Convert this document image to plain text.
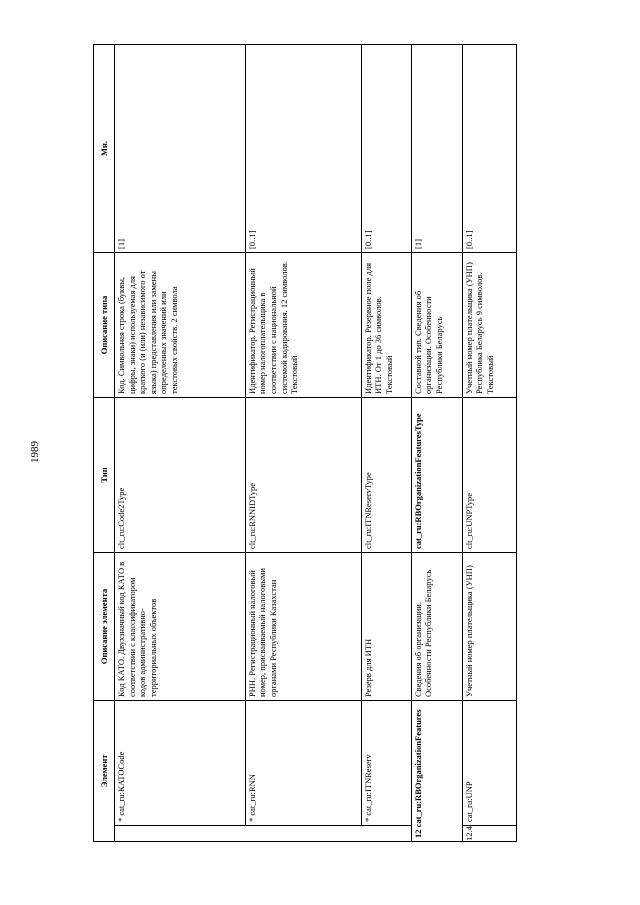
1989
Элемент		Описание элемента	Тип	Описание типа	Мн.
	* cat_ru:KATOCode	Код КАТО. Двухзначный код КАТО в соответствии с классификатором кодов административно-территориальных объектов	clt_ru:Code2Type	Код. Символьная строка (буквы, цифры, знаки) используемая для краткого (и (или) независимого от языка) представления или замены определенных значений или текстовых свойств. 2 символа	[1]
	* cat_ru:RNN	РНН. Регистрационный налоговый номер, присваиваемый налоговыми органами Республики Казахстан	clt_ru:RNNIDType	Идентификатор. Регистрационный номер налогоплательщика в соответствии с национальной системой кодирования. 12 символов. Текстовый	[0..1]
	* cat_ru:ITNReserv	Резерв для ИТН	clt_ru:ITNReservType	Идентификатор. Резервное поле для ИТН. От 1 до 36 символов. Текстовый	[0..1]
12 cat_ru:RBOrganizationFeatures		Сведения об организации. Особенности Республики Беларусь	cat_ru:RBOrganizationFeaturesType	Составной тип. Сведения об организации. Особенности Республики Беларусь	[1]
12.4	cat_ru:UNP	Учетный номер плательщика (УНП)	clt_ru:UNPType	Учетный номер плательщика (УНП) Республика Беларусь 9 символов. Текстовый	[0..1]
